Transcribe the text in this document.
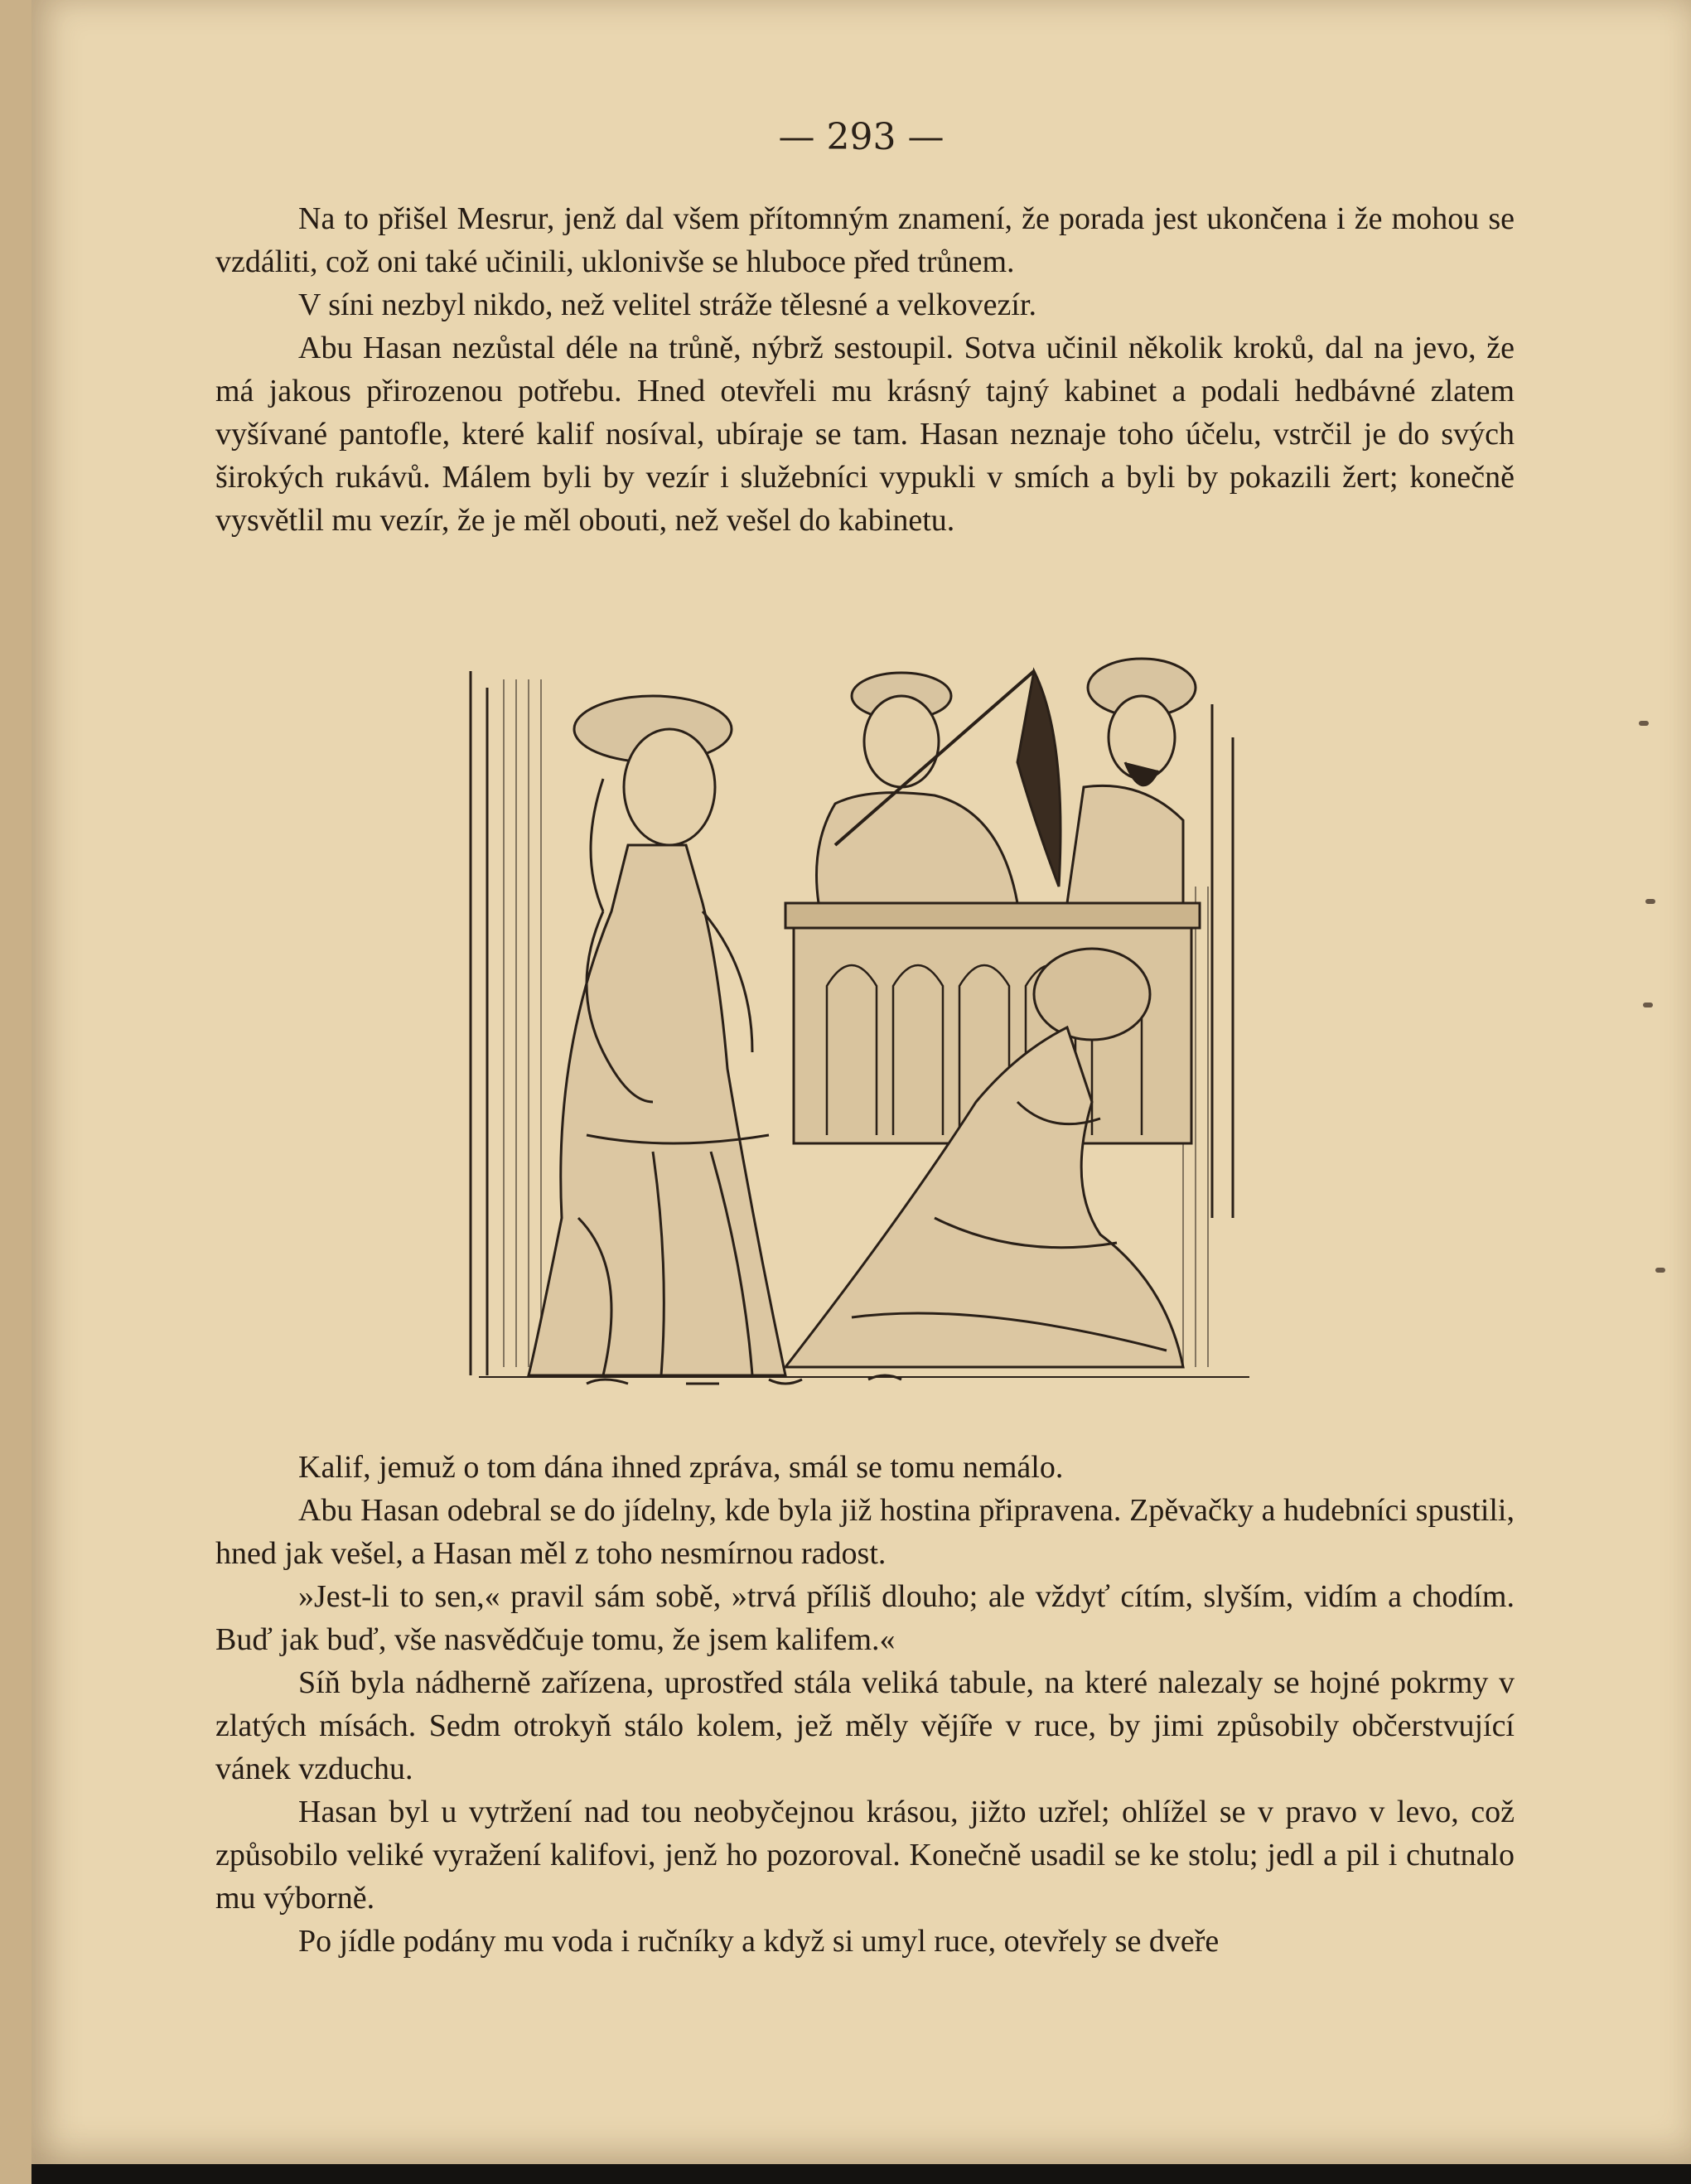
— 293 —

Na to přišel Mesrur, jenž dal všem přítomným znamení, že porada jest ukončena i že mohou se vzdáliti, což oni také učinili, uklonivše se hluboce před trůnem.

V síni nezbyl nikdo, než velitel stráže tělesné a velkovezír.

Abu Hasan nezůstal déle na trůně, nýbrž sestoupil. Sotva učinil několik kroků, dal na jevo, že má jakous přirozenou potřebu. Hned otevřeli mu krásný tajný kabinet a podali hedbávné zlatem vyšívané pantofle, které kalif nosíval, ubíraje se tam. Hasan neznaje toho účelu, vstrčil je do svých širokých rukávů. Málem byli by vezír i služebníci vypukli v smích a byli by pokazili žert; konečně vysvětlil mu vezír, že je měl obouti, než vešel do kabinetu.

Kalif, jemuž o tom dána ihned zpráva, smál se tomu nemálo.

Abu Hasan odebral se do jídelny, kde byla již hostina připravena. Zpěvačky a hudebníci spustili, hned jak vešel, a Hasan měl z toho nesmírnou radost.

»Jest-li to sen,« pravil sám sobě, »trvá příliš dlouho; ale vždyť cítím, slyším, vidím a chodím. Buď jak buď, vše nasvědčuje tomu, že jsem kalifem.«

Síň byla nádherně zařízena, uprostřed stála veliká tabule, na které nalezaly se hojné pokrmy v zlatých mísách. Sedm otrokyň stálo kolem, jež měly vějíře v ruce, by jimi způsobily občerstvující vánek vzduchu.

Hasan byl u vytržení nad tou neobyčejnou krásou, jižto uzřel; ohlížel se v pravo v levo, což způsobilo veliké vyražení kalifovi, jenž ho pozoroval. Konečně usadil se ke stolu; jedl a pil i chutnalo mu výborně.

Po jídle podány mu voda i ručníky a když si umyl ruce, otevřely se dveře
